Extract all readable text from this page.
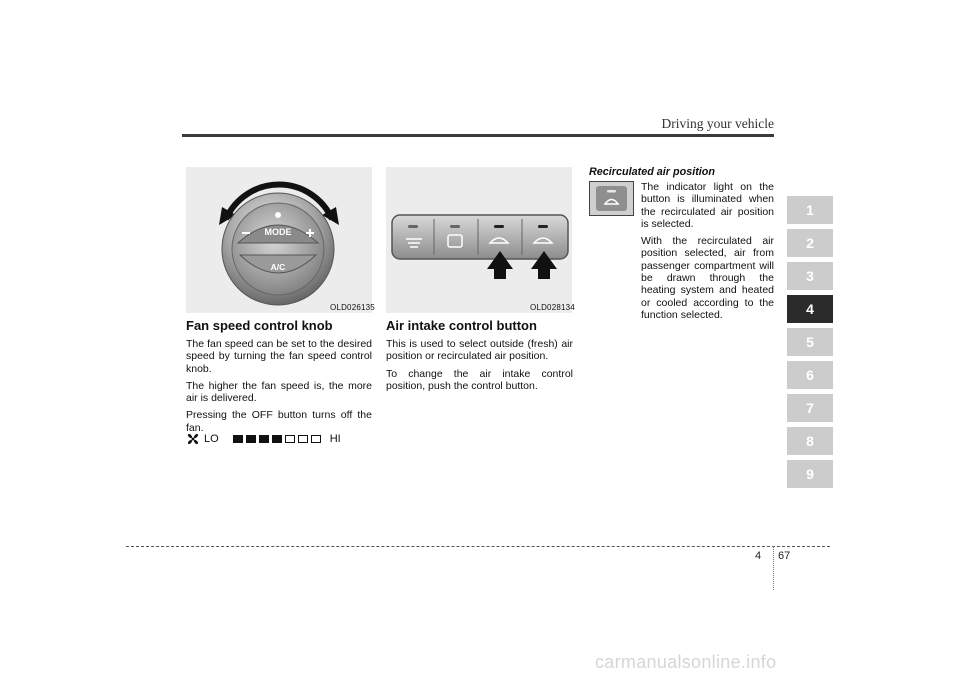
Driving your vehicle
MODE
A/C
OLD026135	OLD028134
Fan speed control knob

The fan speed can be set to the desired speed by turning the fan speed control knob.

The higher the fan speed is, the more air is delivered.

Pressing the OFF button turns off the fan.

LO	HI
Air intake control button

This is used to select outside (fresh) air position or recirculated air position.

To change the air intake control position, push the control button.

Recirculated air position

The indicator light on the button is illuminated when the recirculated air position is selected.

With the recirculated air position selected, air from passenger compartment will be drawn through the heating system and heated or cooled according to the function selected.

1
2
3
4
5
6
7
8
9
4 67
carmanualsonline.info
